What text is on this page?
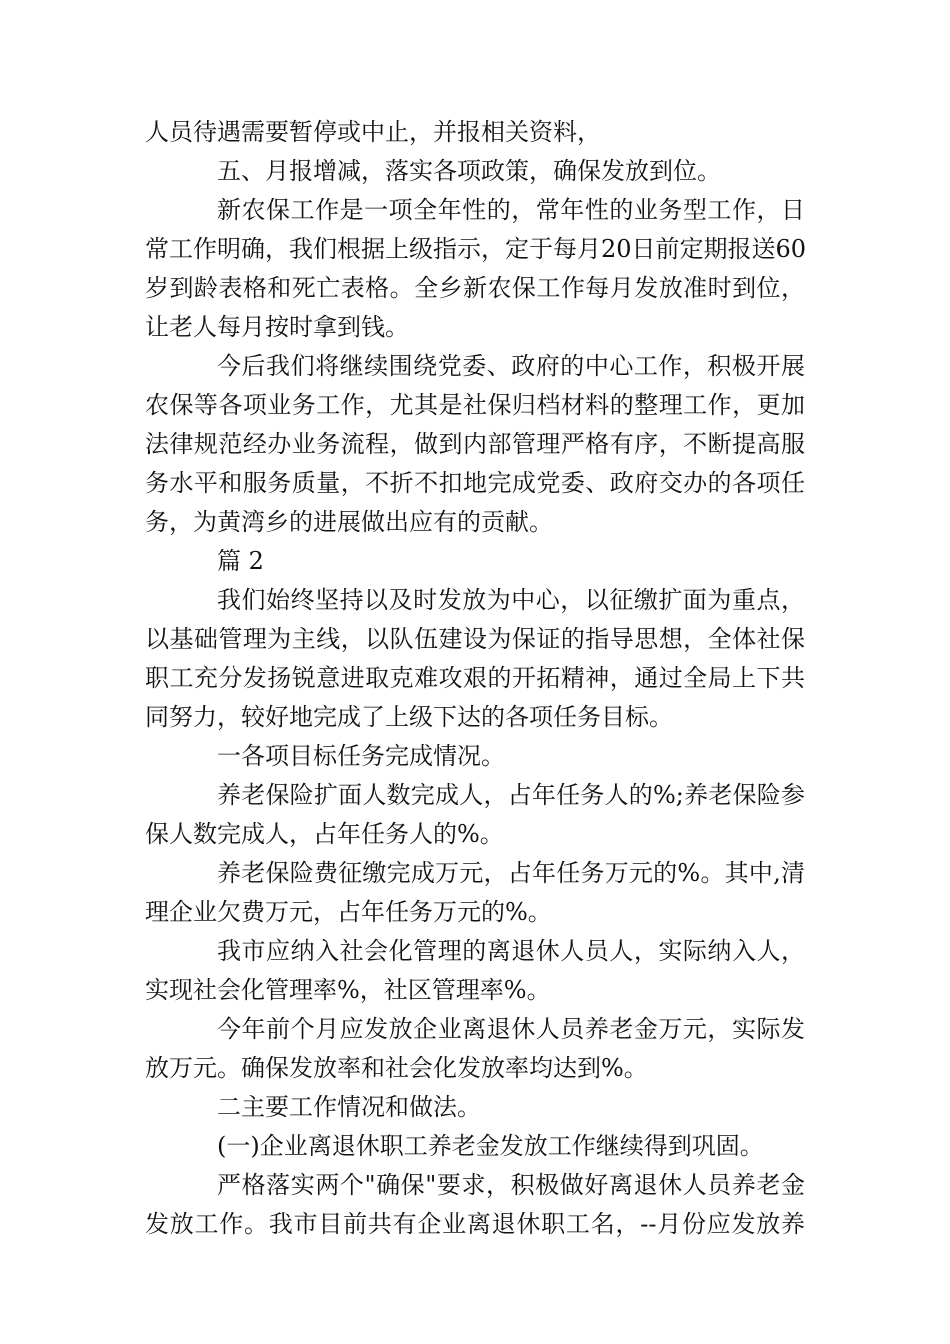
人员待遇需要暂停或中止，并报相关资料，
五、月报增减，落实各项政策，确保发放到位。
新农保工作是一项全年性的，常年性的业务型工作，日
常工作明确，我们根据上级指示，定于每月20日前定期报送60
岁到龄表格和死亡表格。全乡新农保工作每月发放准时到位，
让老人每月按时拿到钱。
今后我们将继续围绕党委、政府的中心工作，积极开展
农保等各项业务工作，尤其是社保归档材料的整理工作，更加
法律规范经办业务流程，做到内部管理严格有序，不断提高服
务水平和服务质量，不折不扣地完成党委、政府交办的各项任
务，为黄湾乡的进展做出应有的贡献。
篇 2
我们始终坚持以及时发放为中心，以征缴扩面为重点，
以基础管理为主线，以队伍建设为保证的指导思想，全体社保
职工充分发扬锐意进取克难攻艰的开拓精神，通过全局上下共
同努力，较好地完成了上级下达的各项任务目标。
一各项目标任务完成情况。
养老保险扩面人数完成人，占年任务人的%;养老保险参
保人数完成人，占年任务人的%。
养老保险费征缴完成万元，占年任务万元的%。其中,清
理企业欠费万元，占年任务万元的%。
我市应纳入社会化管理的离退休人员人，实际纳入人，
实现社会化管理率%，社区管理率%。
今年前个月应发放企业离退休人员养老金万元，实际发
放万元。确保发放率和社会化发放率均达到%。
二主要工作情况和做法。
(一)企业离退休职工养老金发放工作继续得到巩固。
严格落实两个"确保"要求，积极做好离退休人员养老金
发放工作。我市目前共有企业离退休职工名，--月份应发放养
